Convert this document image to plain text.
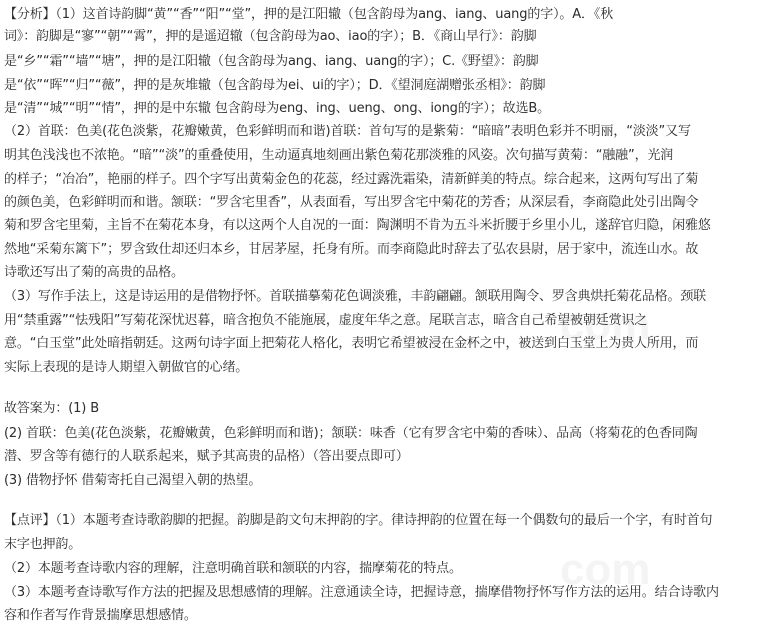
com
com
【分析】（1）这首诗韵脚“黄”“香”“阳”“堂”，押的是江阳辙（包含韵母为ang、iang、uang的字）。A．《秋
词》：韵脚是“寥”“朝”“霄”，押的是遥迢辙（包含韵母为ao、iao的字）；B．《商山早行》：韵脚
是“乡”“霜”“墙”“塘”，押的是江阳辙（包含韵母为ang、iang、uang的字）；C.《野望》：韵脚
是“依”“晖”“归”“薇”，押的是灰堆辙（包含韵母为ei、ui的字）；D．《望洞庭湖赠张丞相》：韵脚
是“清”“城”“明”“情”，押的是中东辙 包含韵母为eng、ing、ueng、ong、iong的字）；故选B。
（2）首联：色美(花色淡紫，花瓣嫩黄，色彩鲜明而和谐)首联：首句写的是紫菊：“暗暗”表明色彩并不明丽，“淡淡”又写
明其色浅浅也不浓艳。“暗”“淡”的重叠使用，生动逼真地刻画出紫色菊花那淡雅的风姿。次句描写黄菊：“融融”，光润
的样子；“冶冶”，艳丽的样子。四个字写出黄菊金色的花蕊，经过露洗霜染，清新鲜美的特点。综合起来，这两句写出了菊
的颜色美，色彩鲜明而和谐。颔联：“罗含宅里香”，从表面看，写出罗含宅中菊花的芳香；从深层看，李商隐此处引出陶令
菊和罗含宅里菊，主旨不在菊花本身，有以这两个人自况的一面：陶渊明不肯为五斗米折腰于乡里小儿，遂辞官归隐，闲雅悠
然地“采菊东篱下”；罗含致仕却还归本乡，甘居茅屋，托身有所。而李商隐此时辞去了弘农县尉，居于家中，流连山水。故
诗歌还写出了菊的高贵的品格。
（3）写作手法上，这是诗运用的是借物抒怀。首联描摹菊花色调淡雅，丰韵翩翩。颔联用陶令、罗含典烘托菊花品格。颈联
用“禁重露”“怯残阳”写菊花深忧迟暮，暗含抱负不能施展，虚度年华之意。尾联言志，暗含自己希望被朝廷赏识之
意。“白玉堂”此处暗指朝廷。这两句诗字面上把菊花人格化，表明它希望被浸在金杯之中，被送到白玉堂上为贵人所用，而
实际上表现的是诗人期望入朝做官的心绪。
故答案为：(1) B
(2) 首联：色美(花色淡紫，花瓣嫩黄，色彩鲜明而和谐)；颔联：味香（它有罗含宅中菊的香味）、品高（将菊花的色香同陶
潜、罗含等有德行的人联系起来，赋予其高贵的品格）（答出要点即可）
(3) 借物抒怀 借菊寄托自己渴望入朝的热望。
【点评】（1）本题考查诗歌韵脚的把握。韵脚是韵文句末押韵的字。律诗押韵的位置在每一个偶数句的最后一个字，有时首句
末字也押韵。
（2）本题考查诗歌内容的理解，注意明确首联和颔联的内容，揣摩菊花的特点。
（3）本题考查诗歌写作方法的把握及思想感情的理解。注意通读全诗，把握诗意，揣摩借物抒怀写作方法的运用。结合诗歌内
容和作者写作背景揣摩思想感情。
